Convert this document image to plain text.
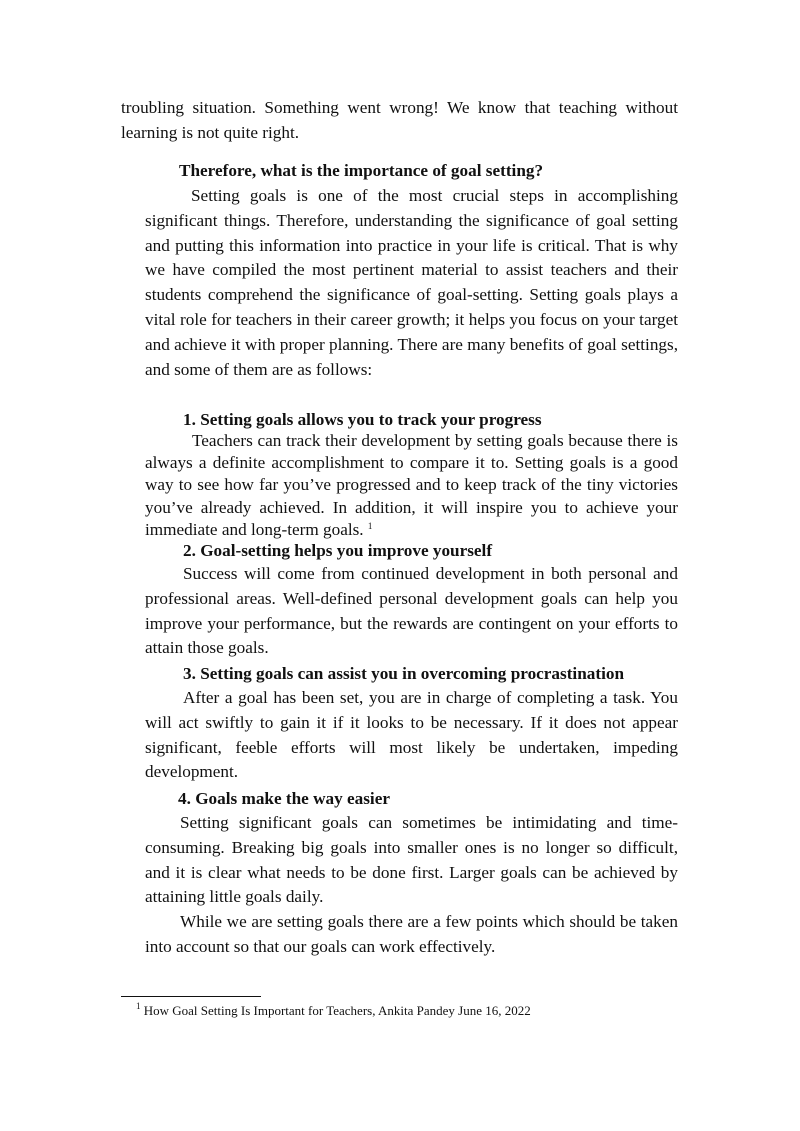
troubling situation. Something went wrong! We know that teaching without learning is not quite right.

Therefore, what is the importance of goal setting?

Setting goals is one of the most crucial steps in accomplishing significant things. Therefore, understanding the significance of goal setting and putting this information into practice in your life is critical. That is why we have compiled the most pertinent material to assist teachers and their students comprehend the significance of goal-setting. Setting goals plays a vital role for teachers in their career growth; it helps you focus on your target and achieve it with proper planning. There are many benefits of goal settings, and some of them are as follows:

1. Setting goals allows you to track your progress

Teachers can track their development by setting goals because there is always a definite accomplishment to compare it to. Setting goals is a good way to see how far you’ve progressed and to keep track of the tiny victories you’ve already achieved. In addition, it will inspire you to achieve your immediate and long-term goals. $^1$

2. Goal-setting helps you improve yourself

Success will come from continued development in both personal and professional areas. Well-defined personal development goals can help you improve your performance, but the rewards are contingent on your efforts to attain those goals.

3. Setting goals can assist you in overcoming procrastination

After a goal has been set, you are in charge of completing a task. You will act swiftly to gain it if it looks to be necessary. If it does not appear significant, feeble efforts will most likely be undertaken, impeding development.

4. Goals make the way easier

Setting significant goals can sometimes be intimidating and time-consuming. Breaking big goals into smaller ones is no longer so difficult, and it is clear what needs to be done first. Larger goals can be achieved by attaining little goals daily.

While we are setting goals there are a few points which should be taken into account so that our goals can work effectively.

$^1$ How Goal Setting Is Important for Teachers, Ankita Pandey June 16, 2022
